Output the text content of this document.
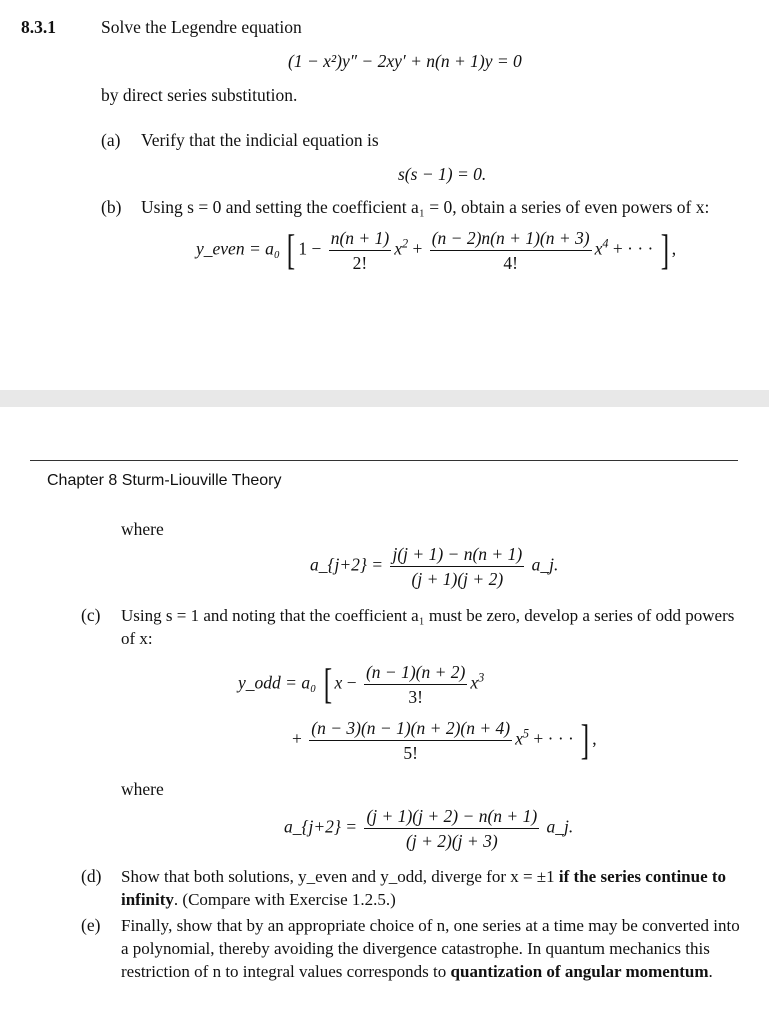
8.3.1	Solve the Legendre equation
(1 − x²)y″ − 2xy′ + n(n + 1)y = 0
by direct series substitution.
(a) Verify that the indicial equation is
s(s − 1) = 0.
(b) Using s = 0 and setting the coefficient a₁ = 0, obtain a series of even powers of x:
y_even = a₀ [ $1 - \frac{n(n + 1)}{2!} x^2 + \frac{(n - 2)n(n + 1)(n + 3)}{4!} x^4$ + · · · ] ,
Chapter 8 Sturm-Liouville Theory
where
a_{j+2} = $\frac{j(j + 1) - n(n + 1)}{(j + 1)(j + 2)}$ a_j.
(c) Using s = 1 and noting that the coefficient a₁ must be zero, develop a series of odd powers of x:
y_odd = a₀ [ $x - \frac{(n - 1)(n + 2)}{3!} x^3$
+ $\frac{(n - 3)(n - 1)(n + 2)(n + 4)}{5!} x^5$ + · · · ] ,
where
a_{j+2} = $\frac{(j + 1)(j + 2) - n(n + 1)}{(j + 2)(j + 3)}$ a_j.
(d) Show that both solutions, y_even and y_odd, diverge for x = ±1 if the series continue to infinity. (Compare with Exercise 1.2.5.)
(e) Finally, show that by an appropriate choice of n, one series at a time may be converted into a polynomial, thereby avoiding the divergence catastrophe. In quantum mechanics this restriction of n to integral values corresponds to quantization of angular momentum.
